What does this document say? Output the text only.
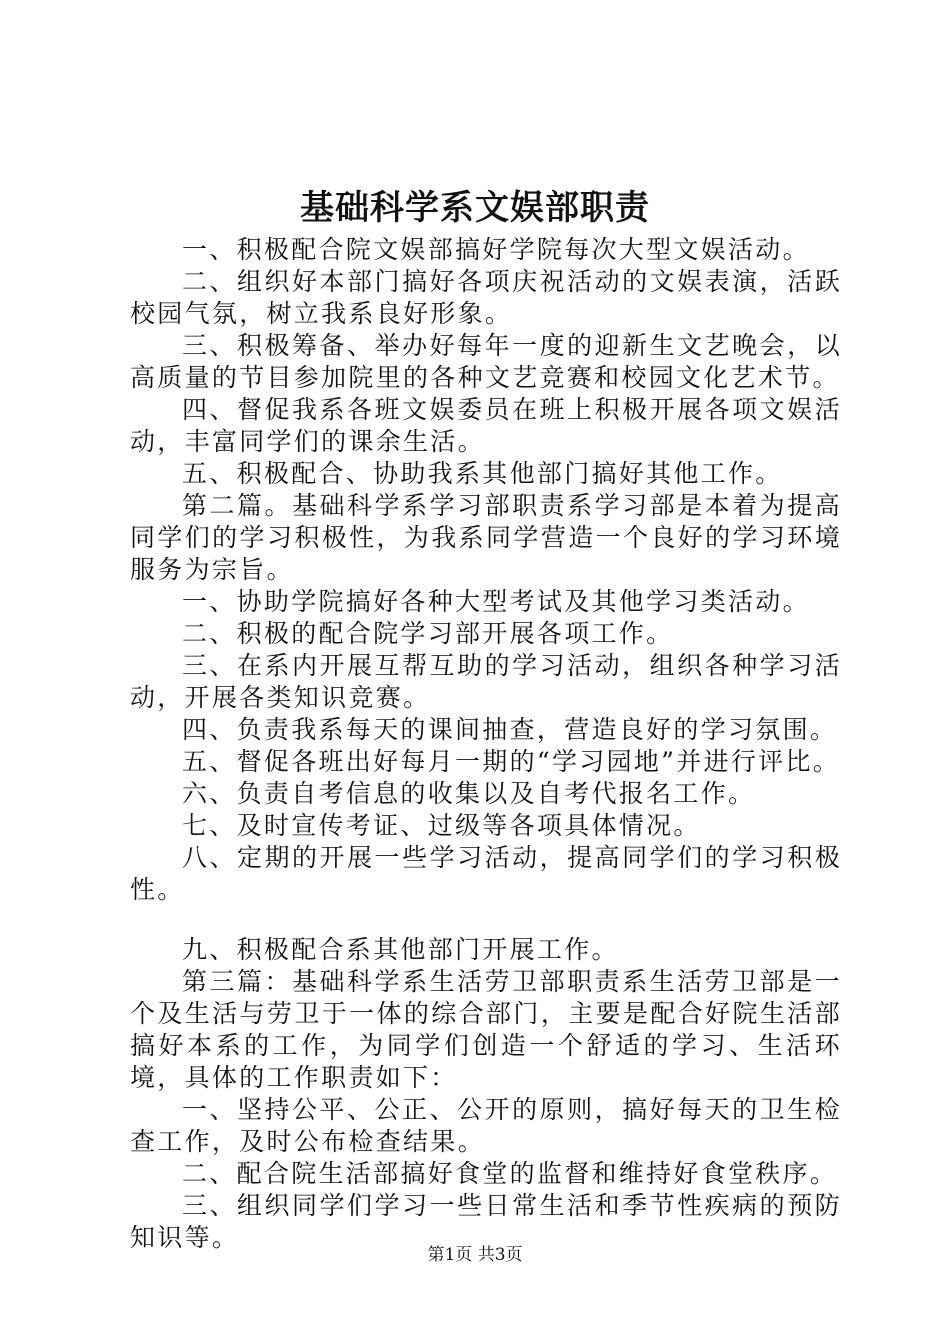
基础科学系文娱部职责

一、积极配合院文娱部搞好学院每次大型文娱活动。

二、组织好本部门搞好各项庆祝活动的文娱表演，活跃校园气氛，树立我系良好形象。

三、积极筹备、举办好每年一度的迎新生文艺晚会，以高质量的节目参加院里的各种文艺竞赛和校园文化艺术节。

四、督促我系各班文娱委员在班上积极开展各项文娱活动，丰富同学们的课余生活。

五、积极配合、协助我系其他部门搞好其他工作。

第二篇。基础科学系学习部职责系学习部是本着为提高同学们的学习积极性，为我系同学营造一个良好的学习环境服务为宗旨。

一、协助学院搞好各种大型考试及其他学习类活动。

二、积极的配合院学习部开展各项工作。

三、在系内开展互帮互助的学习活动，组织各种学习活动，开展各类知识竞赛。

四、负责我系每天的课间抽查，营造良好的学习氛围。

五、督促各班出好每月一期的“学习园地”并进行评比。

六、负责自考信息的收集以及自考代报名工作。

七、及时宣传考证、过级等各项具体情况。

八、定期的开展一些学习活动，提高同学们的学习积极性。

九、积极配合系其他部门开展工作。

第三篇：基础科学系生活劳卫部职责系生活劳卫部是一个及生活与劳卫于一体的综合部门，主要是配合好院生活部搞好本系的工作，为同学们创造一个舒适的学习、生活环境，具体的工作职责如下：

一、坚持公平、公正、公开的原则，搞好每天的卫生检查工作，及时公布检查结果。

二、配合院生活部搞好食堂的监督和维持好食堂秩序。

三、组织同学们学习一些日常生活和季节性疾病的预防知识等。

第1页 共3页
